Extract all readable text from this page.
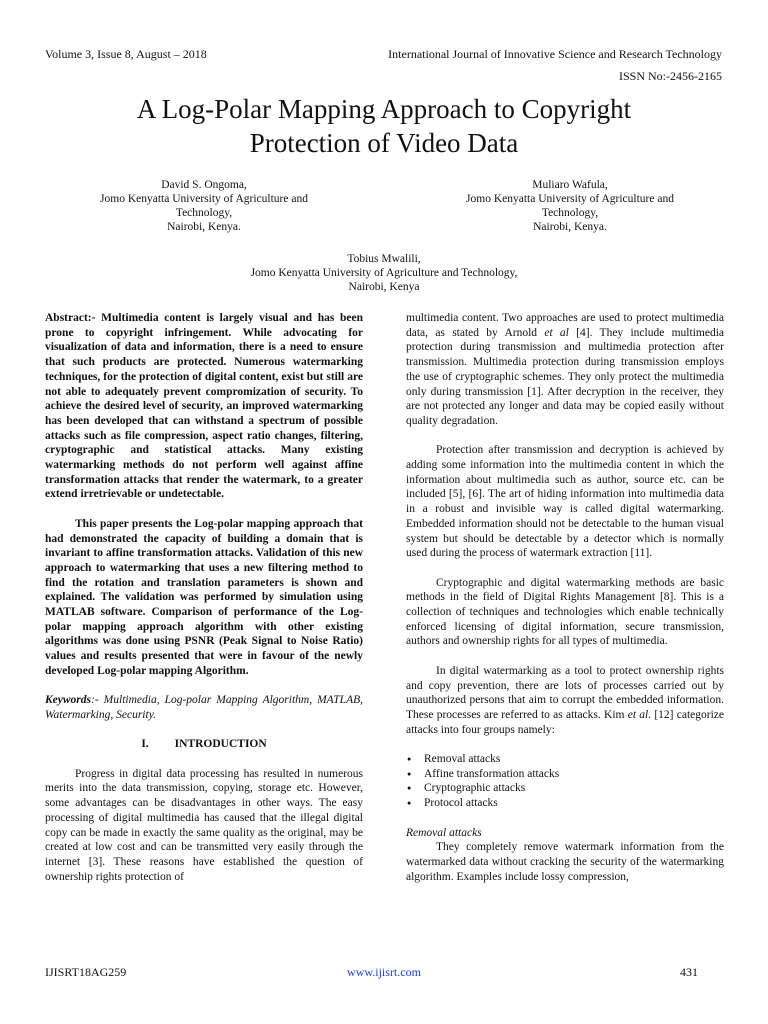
Volume 3, Issue 8, August – 2018	International Journal of Innovative Science and Research Technology
ISSN No:-2456-2165
A Log-Polar Mapping Approach to Copyright
Protection of Video Data
David S. Ongoma,
Jomo Kenyatta University of Agriculture and
Technology,
Nairobi, Kenya.
Muliaro Wafula,
Jomo Kenyatta University of Agriculture and
Technology,
Nairobi, Kenya.
Tobius Mwalili,
Jomo Kenyatta University of Agriculture and Technology,
Nairobi, Kenya

Abstract:- Multimedia content is largely visual and has been prone to copyright infringement. While advocating for visualization of data and information, there is a need to ensure that such products are protected. Numerous watermarking techniques, for the protection of digital content, exist but still are not able to adequately prevent compromization of security. To achieve the desired level of security, an improved watermarking has been developed that can withstand a spectrum of possible attacks such as file compression, aspect ratio changes, filtering, cryptographic and statistical attacks. Many existing watermarking methods do not perform well against affine transformation attacks that render the watermark, to a greater extend irretrievable or undetectable.

This paper presents the Log-polar mapping approach that had demonstrated the capacity of building a domain that is invariant to affine transformation attacks. Validation of this new approach to watermarking that uses a new filtering method to find the rotation and translation parameters is shown and explained. The validation was performed by simulation using MATLAB software. Comparison of performance of the Log-polar mapping approach algorithm with other existing algorithms was done using PSNR (Peak Signal to Noise Ratio) values and results presented that were in favour of the newly developed Log-polar mapping Algorithm.

Keywords:- Multimedia, Log-polar Mapping Algorithm, MATLAB, Watermarking, Security.

I. INTRODUCTION

Progress in digital data processing has resulted in numerous merits into the data transmission, copying, storage etc. However, some advantages can be disadvantages in other ways. The easy processing of digital multimedia has caused that the illegal digital copy can be made in exactly the same quality as the original, may be created at low cost and can be transmitted very easily through the internet [3]. These reasons have established the question of ownership rights protection of

multimedia content. Two approaches are used to protect multimedia data, as stated by Arnold et al [4]. They include multimedia protection during transmission and multimedia protection after transmission. Multimedia protection during transmission employs the use of cryptographic schemes. They only protect the multimedia only during transmission [1]. After decryption in the receiver, they are not protected any longer and data may be copied easily without quality degradation.

Protection after transmission and decryption is achieved by adding some information into the multimedia content in which the information about multimedia such as author, source etc. can be included [5], [6]. The art of hiding information into multimedia data in a robust and invisible way is called digital watermarking. Embedded information should not be detectable to the human visual system but should be detectable by a detector which is normally used during the process of watermark extraction [11].

Cryptographic and digital watermarking methods are basic methods in the field of Digital Rights Management [8]. This is a collection of techniques and technologies which enable technically enforced licensing of digital information, secure transmission, authors and ownership rights for all types of multimedia.

In digital watermarking as a tool to protect ownership rights and copy prevention, there are lots of processes carried out by unauthorized persons that aim to corrupt the embedded information. These processes are referred to as attacks. Kim et al. [12] categorize attacks into four groups namely:

● Removal attacks
● Affine transformation attacks
● Cryptographic attacks
● Protocol attacks

Removal attacks

They completely remove watermark information from the watermarked data without cracking the security of the watermarking algorithm. Examples include lossy compression,

IJISRT18AG259	www.ijisrt.com	431
